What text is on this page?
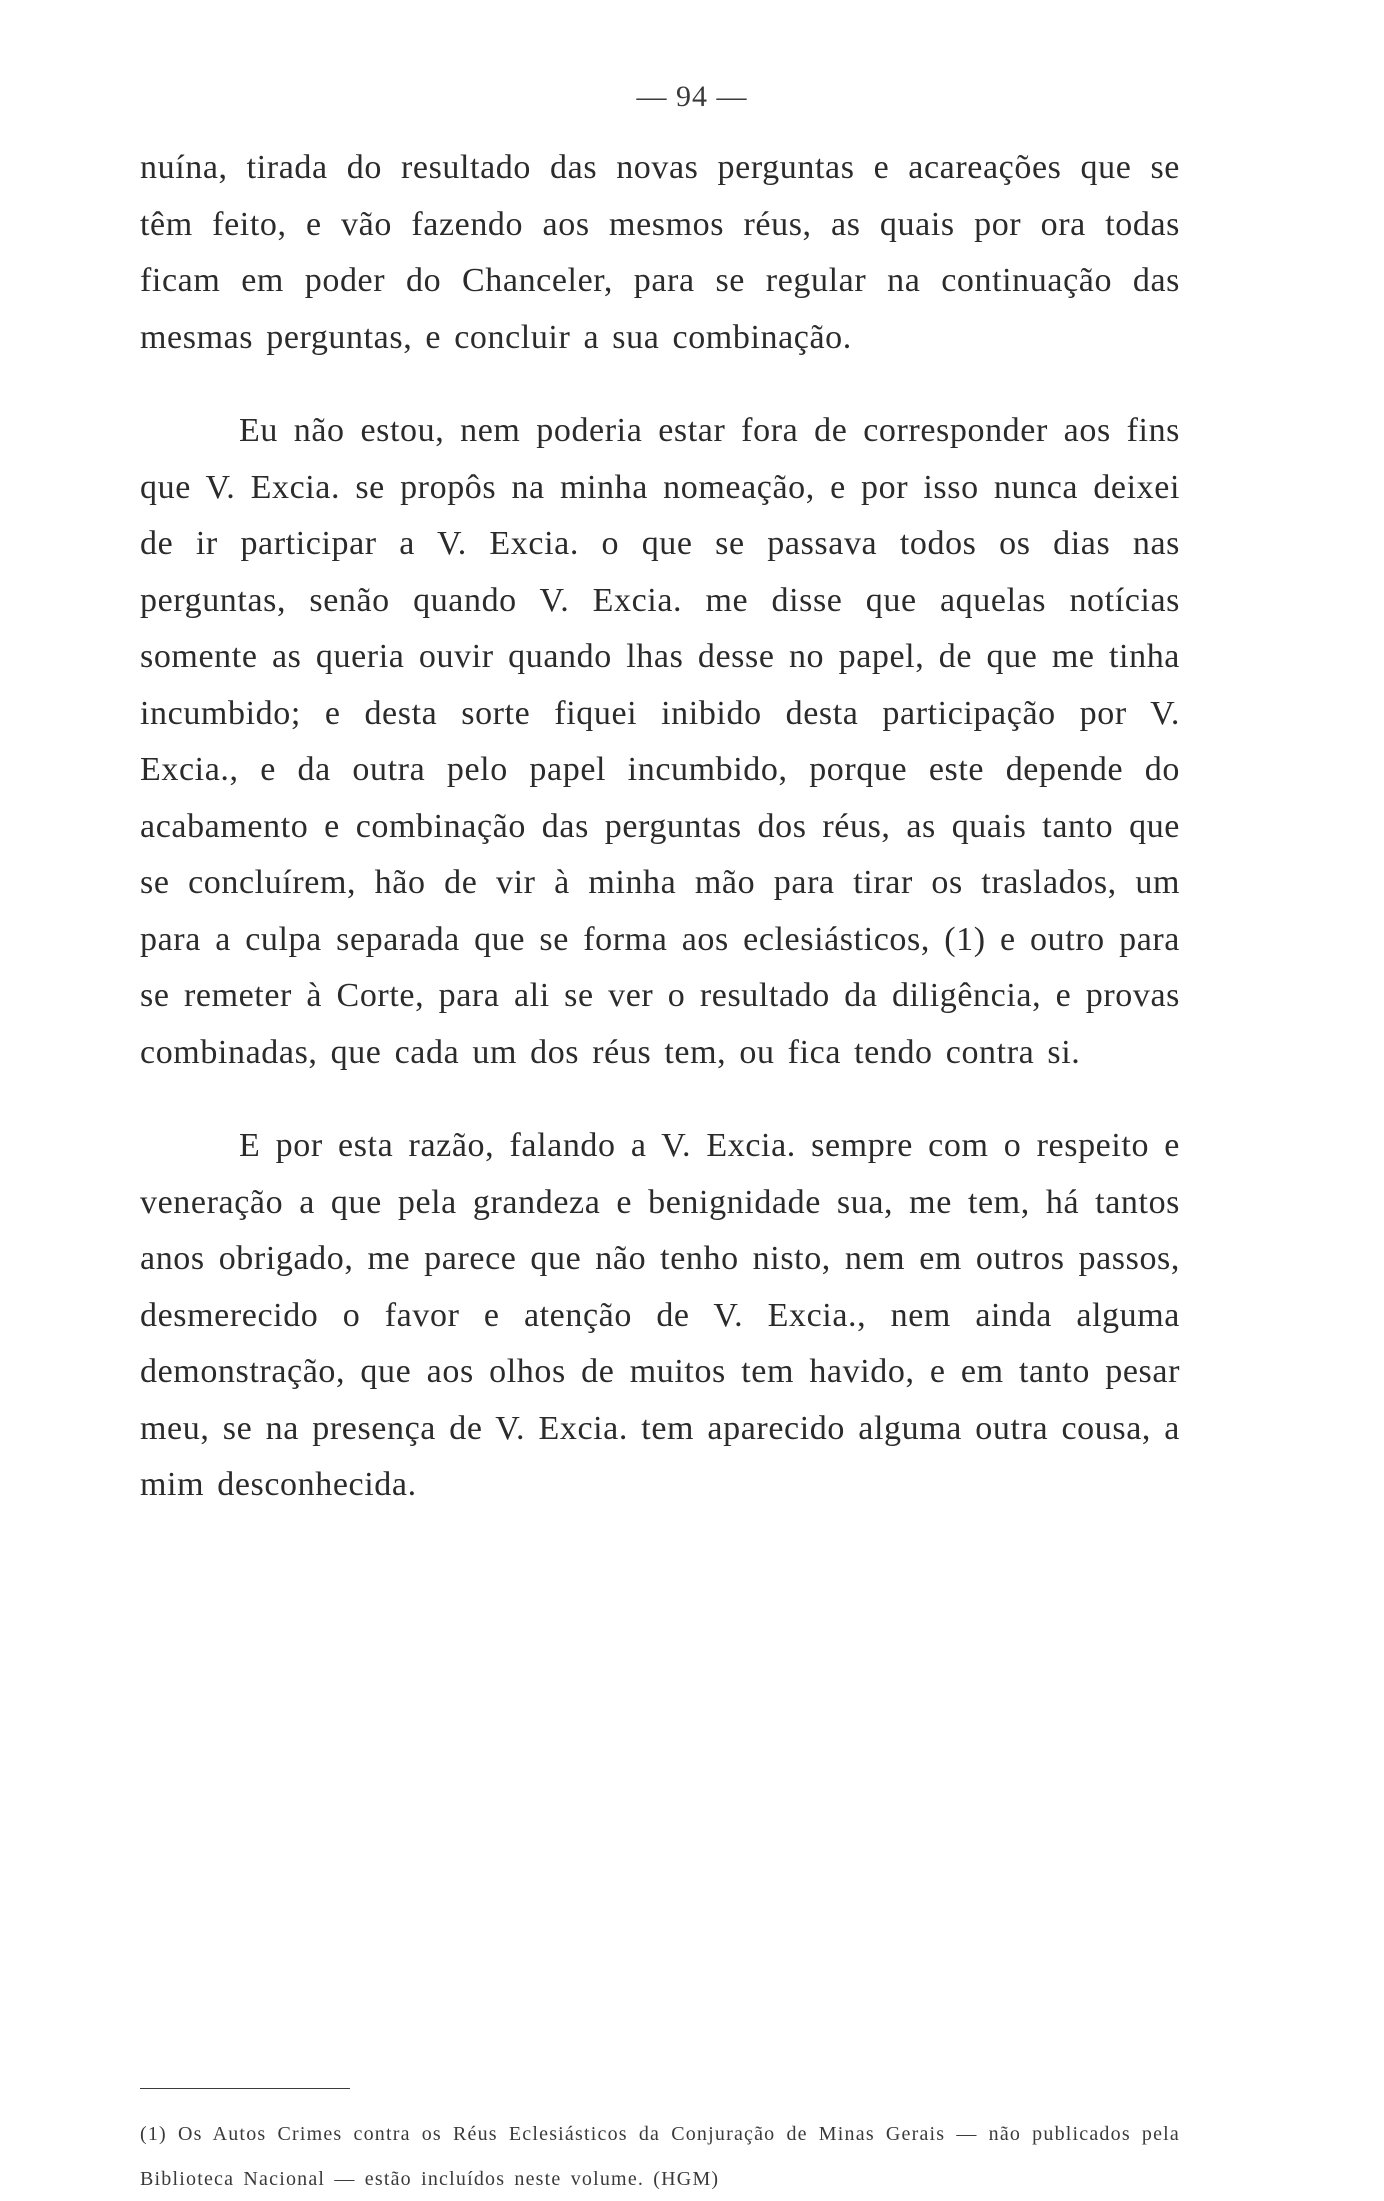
— 94 —

nuína, tirada do resultado das novas perguntas e acareações que se têm feito, e vão fazendo aos mesmos réus, as quais por ora todas ficam em poder do Chanceler, para se regular na continuação das mesmas perguntas, e concluir a sua combinação.

Eu não estou, nem poderia estar fora de corresponder aos fins que V. Excia. se propôs na minha nomeação, e por isso nunca deixei de ir participar a V. Excia. o que se passava todos os dias nas perguntas, senão quando V. Excia. me disse que aquelas notícias somente as queria ouvir quando lhas desse no papel, de que me tinha incumbido; e desta sorte fiquei inibido desta participação por V. Excia., e da outra pelo papel incumbido, porque este depende do acabamento e combinação das perguntas dos réus, as quais tanto que se concluírem, hão de vir à minha mão para tirar os traslados, um para a culpa separada que se forma aos eclesiásticos, (1) e outro para se remeter à Corte, para ali se ver o resultado da diligência, e provas combinadas, que cada um dos réus tem, ou fica tendo contra si.

E por esta razão, falando a V. Excia. sempre com o respeito e veneração a que pela grandeza e benignidade sua, me tem, há tantos anos obrigado, me parece que não tenho nisto, nem em outros passos, desmerecido o favor e atenção de V. Excia., nem ainda alguma demonstração, que aos olhos de muitos tem havido, e em tanto pesar meu, se na presença de V. Excia. tem aparecido alguma outra cousa, a mim desconhecida.

(1) Os Autos Crimes contra os Réus Eclesiásticos da Conjuração de Minas Gerais — não publicados pela Biblioteca Nacional — estão incluídos neste volume. (HGM)
